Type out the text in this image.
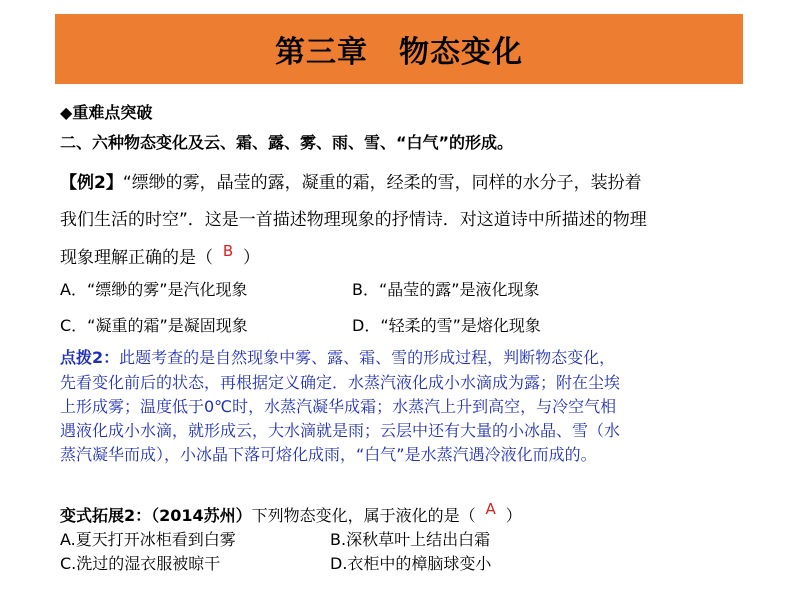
第三章　物态变化
◆重难点突破
二、六种物态变化及云、霜、露、雾、雨、雪、“白气”的形成。
【例2】“缥缈的雾，晶莹的露，凝重的霜，经柔的雪，同样的水分子，装扮着
我们生活的时空”．这是一首描述物理现象的抒情诗．对这道诗中所描述的物理
现象理解正确的是（ B ）
A．“缥缈的雾”是汽化现象	B．“晶莹的露”是液化现象
C．“凝重的霜”是凝固现象	D．“轻柔的雪”是熔化现象
点拨2：此题考查的是自然现象中雾、露、霜、雪的形成过程，判断物态变化，
先看变化前后的状态，再根据定义确定．水蒸汽液化成小水滴成为露；附在尘埃
上形成雾；温度低于0℃时，水蒸汽凝华成霜；水蒸汽上升到高空，与冷空气相
遇液化成小水滴，就形成云，大水滴就是雨；云层中还有大量的小冰晶、雪（水
蒸汽凝华而成），小冰晶下落可熔化成雨，“白气”是水蒸汽遇冷液化而成的。
变式拓展2：（2014苏州）下列物态变化，属于液化的是（ A ）
A.夏天打开冰柜看到白雾	B.深秋草叶上结出白霜
C.洗过的湿衣服被晾干	D.衣柜中的樟脑球变小
